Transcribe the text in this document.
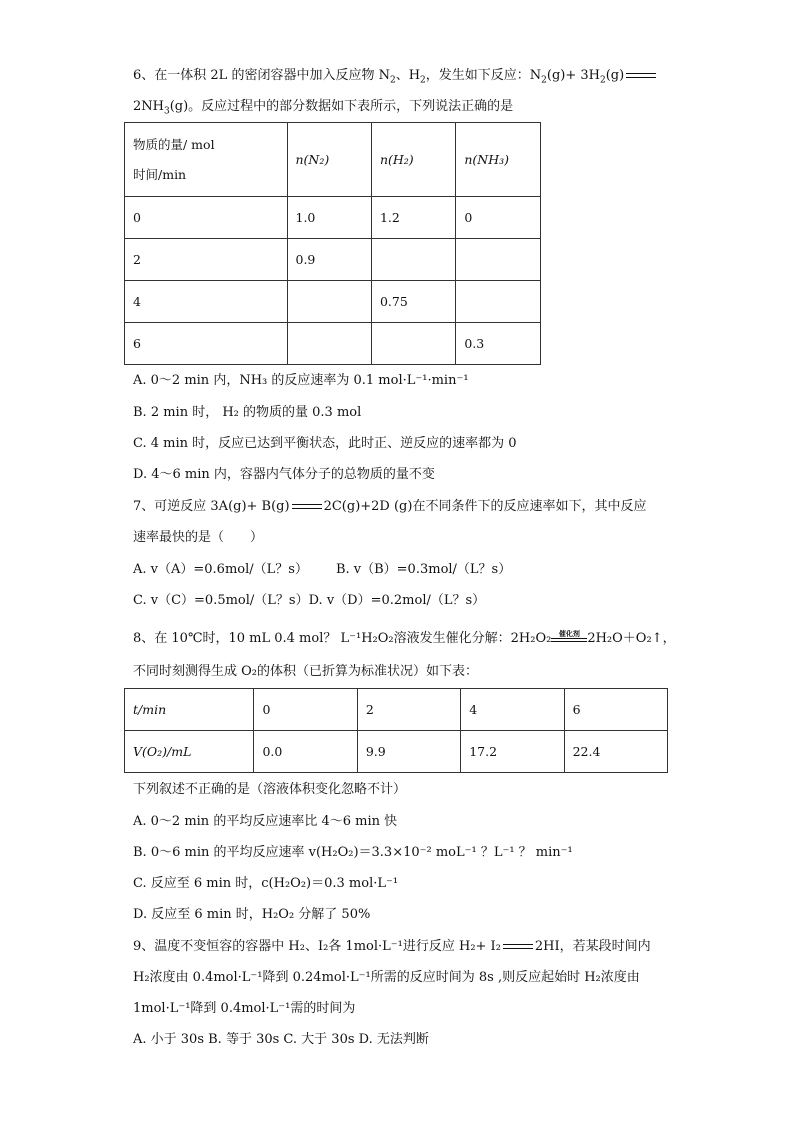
6、在一体积 2L 的密闭容器中加入反应物 $N_2$、$H_2$，发生如下反应：$N_2(g)+ 3H_2(g)$
$2NH_3(g)$。反应过程中的部分数据如下表所示，下列说法正确的是
物质的量/ mol
时间/min	n(N₂)	n(H₂)	n(NH₃)
0	1.0	1.2	0
2	0.9		
4		0.75	
6			0.3
A. 0～2 min 内，NH₃ 的反应速率为 0.1 mol·L⁻¹·min⁻¹
B. 2 min 时， H₂ 的物质的量 0.3 mol
C. 4 min 时，反应已达到平衡状态，此时正、逆反应的速率都为 0
D. 4～6 min 内，容器内气体分子的总物质的量不变
7、可逆反应 3A(g)+ B(g)	2C(g)+2D (g)在不同条件下的反应速率如下，其中反应
速率最快的是（　　）
A. v（A）=0.6mol/（L？s） B. v（B）=0.3mol/（L？s）
C. v（C）=0.5mol/（L？s）D. v（D）=0.2mol/（L？s）
8、在 10℃时，10 mL 0.4 mol？ L⁻¹H₂O₂溶液发生催化分解：2H₂O₂	催化剂 2H₂O＋O₂↑，
不同时刻测得生成 O₂的体积（已折算为标准状况）如下表：
t/min	0	2	4	6
V(O₂)/mL	0.0	9.9	17.2	22.4
下列叙述不正确的是（溶液体积变化忽略不计）
A. 0～2 min 的平均反应速率比 4～6 min 快
B. 0～6 min 的平均反应速率 v(H₂O₂)＝3.3×10⁻² moL⁻¹ ？L⁻¹ ？ min⁻¹
C. 反应至 6 min 时，c(H₂O₂)＝0.3 mol·L⁻¹
D. 反应至 6 min 时，H₂O₂ 分解了 50%
9、温度不变恒容的容器中 H₂、I₂各 1mol·L⁻¹进行反应 H₂+ I₂	2HI，若某段时间内
H₂浓度由 0.4mol·L⁻¹降到 0.24mol·L⁻¹所需的反应时间为 8s ,则反应起始时 H₂浓度由
1mol·L⁻¹降到 0.4mol·L⁻¹需的时间为
A. 小于 30s B. 等于 30s C. 大于 30s D. 无法判断
